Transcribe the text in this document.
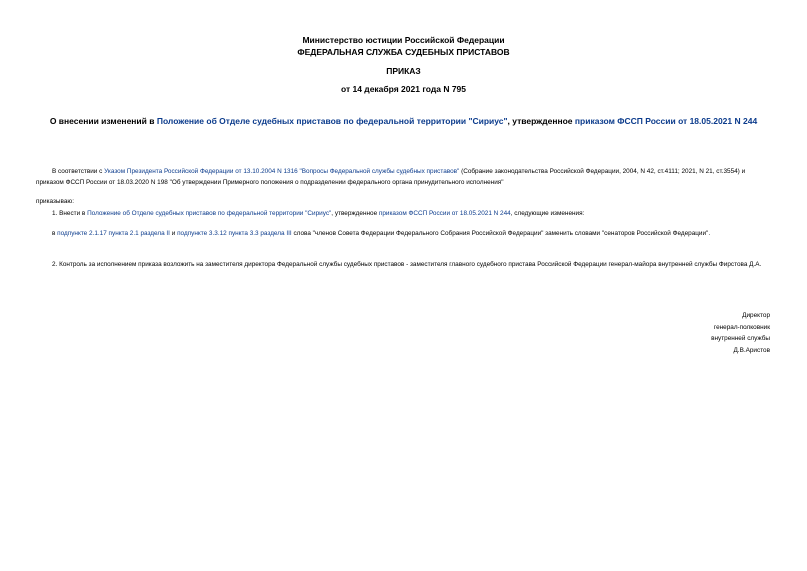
Министерство юстиции Российской Федерации
ФЕДЕРАЛЬНАЯ СЛУЖБА СУДЕБНЫХ ПРИСТАВОВ
ПРИКАЗ
от 14 декабря 2021 года N 795
О внесении изменений в Положение об Отделе судебных приставов по федеральной территории "Сириус", утвержденное приказом ФССП России от 18.05.2021 N 244
В соответствии с Указом Президента Российской Федерации от 13.10.2004 N 1316 "Вопросы Федеральной службы судебных приставов" (Собрание законодательства Российской Федерации, 2004, N 42, ст.4111; 2021, N 21, ст.3554) и приказом ФССП России от 18.03.2020 N 198 "Об утверждении Примерного положения о подразделении федерального органа принудительного исполнения"
приказываю:
1. Внести в Положение об Отделе судебных приставов по федеральной территории "Сириус", утвержденное приказом ФССП России от 18.05.2021 N 244, следующие изменения:
в подпункте 2.1.17 пункта 2.1 раздела II и подпункте 3.3.12 пункта 3.3 раздела III слова "членов Совета Федерации Федерального Собрания Российской Федерации" заменить словами "сенаторов Российской Федерации".
2. Контроль за исполнением приказа возложить на заместителя директора Федеральной службы судебных приставов - заместителя главного судебного пристава Российской Федерации генерал-майора внутренней службы Фирстова Д.А.
Директор
генерал-полковник
внутренней службы
Д.В.Аристов
